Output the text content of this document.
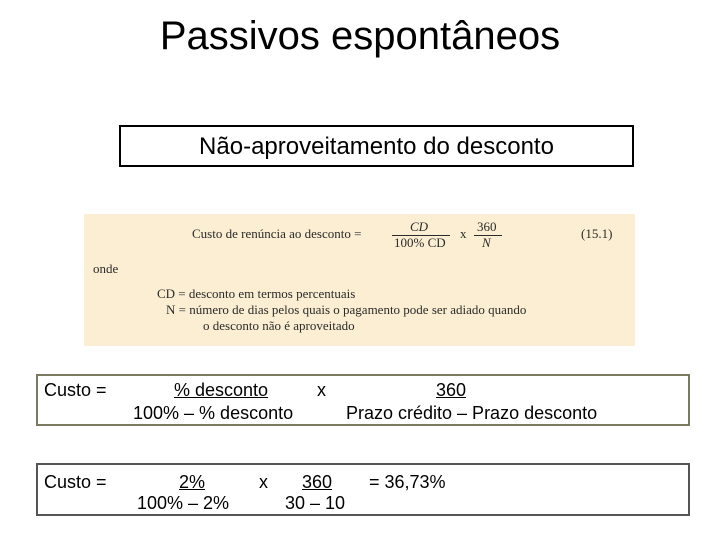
Passivos espontâneos
Não-aproveitamento do desconto
Custo de renúncia ao desconto =	CD
100% CD
x 360
N
(15.1)
onde
CD = desconto em termos percentuais
N = número de dias pelos quais o pagamento pode ser adiado quando
o desconto não é aproveitado
Custo =	% desconto	x	360
100% – % desconto	Prazo crédito – Prazo desconto
Custo =	2%	x 360 = 36,73%
100% – 2%	30 – 10
